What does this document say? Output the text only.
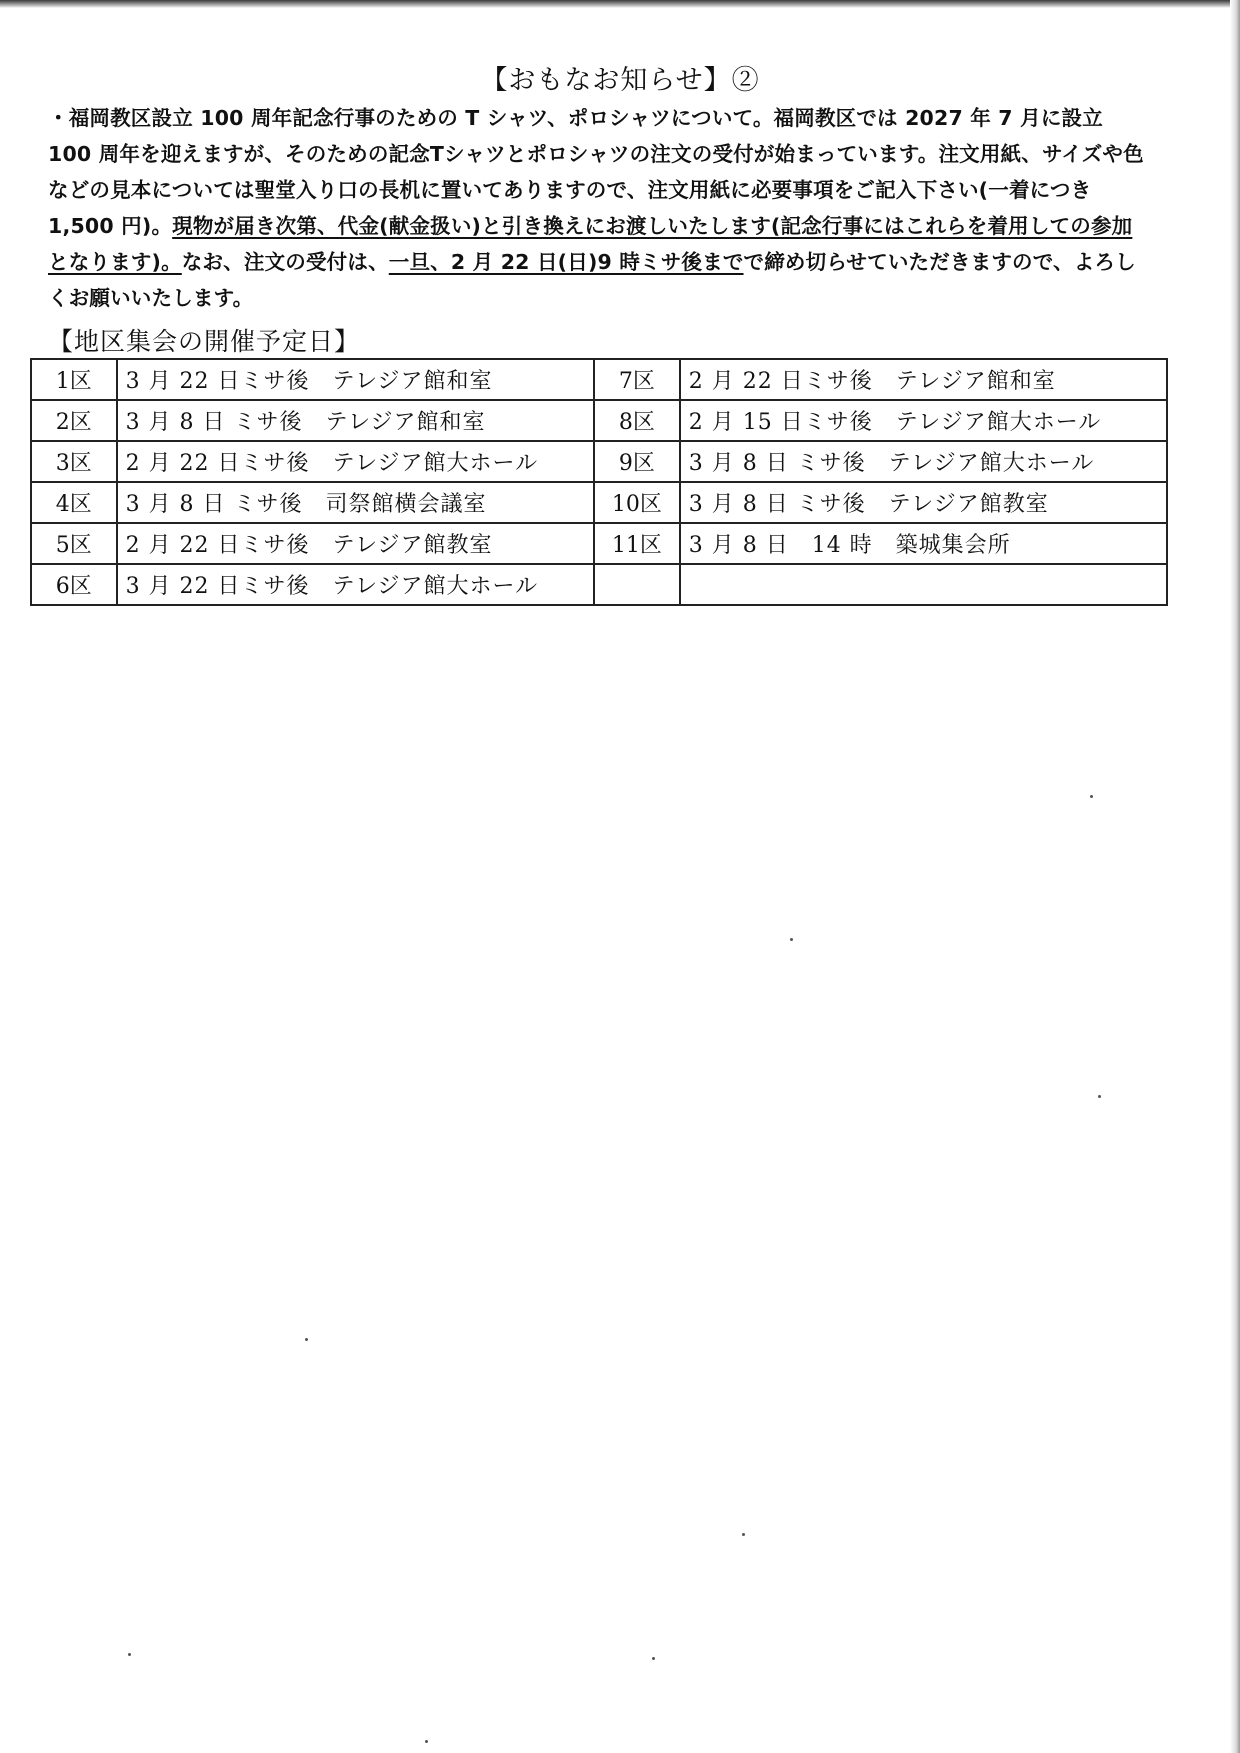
【おもなお知らせ】②
・福岡教区設立 100 周年記念行事のための T シャツ、ポロシャツについて。福岡教区では 2027 年 7 月に設立 100 周年を迎えますが、そのための記念Tシャツとポロシャツの注文の受付が始まっています。注文用紙、サイズや色などの見本については聖堂入り口の長机に置いてありますので、注文用紙に必要事項をご記入下さい(一着につき 1,500 円)。現物が届き次第、代金(献金扱い)と引き換えにお渡しいたします(記念行事にはこれらを着用しての参加となります)。なお、注文の受付は、一旦、2 月 22 日(日)9 時ミサ後までで締め切らせていただきますので、よろしくお願いいたします。
【地区集会の開催予定日】
1区	3 月 22 日ミサ後　テレジア館和室	7区	2 月 22 日ミサ後　テレジア館和室
2区	3 月 8 日 ミサ後　テレジア館和室	8区	2 月 15 日ミサ後　テレジア館大ホール
3区	2 月 22 日ミサ後　テレジア館大ホール	9区	3 月 8 日 ミサ後　テレジア館大ホール
4区	3 月 8 日 ミサ後　司祭館横会議室	10区	3 月 8 日 ミサ後　テレジア館教室
5区	2 月 22 日ミサ後　テレジア館教室	11区	3 月 8 日　14 時　築城集会所
6区	3 月 22 日ミサ後　テレジア館大ホール		
